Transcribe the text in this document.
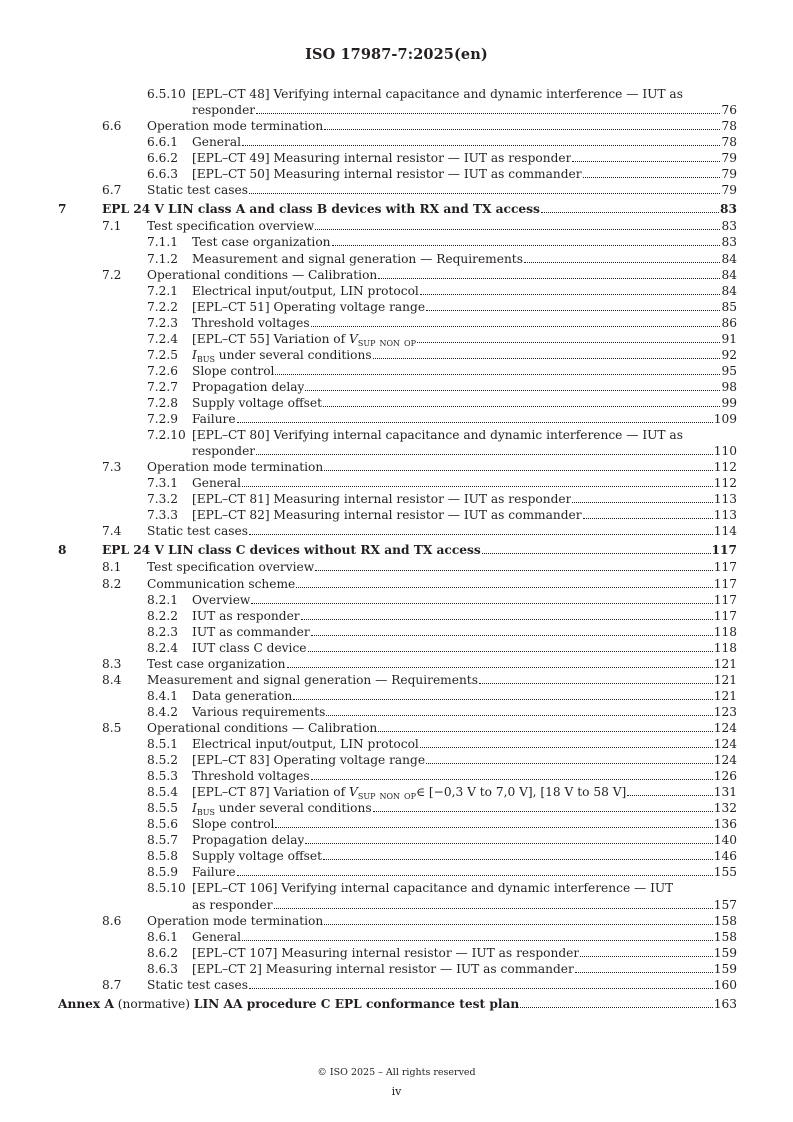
ISO 17987-7:2025(en)
6.5.10 [EPL–CT 48] Verifying internal capacitance and dynamic interference — IUT as
responder	76
6.6 Operation mode termination	78
6.6.1 General	78
6.6.2 [EPL–CT 49] Measuring internal resistor — IUT as responder	79
6.6.3 [EPL–CT 50] Measuring internal resistor — IUT as commander	79
6.7 Static test cases	79
7	EPL 24 V LIN class A and class B devices with RX and TX access	83
7.1 Test specification overview	83
7.1.1 Test case organization	83
7.1.2 Measurement and signal generation — Requirements	84
7.2 Operational conditions — Calibration	84
7.2.1 Electrical input/output, LIN protocol	84
7.2.2 [EPL–CT 51] Operating voltage range	85
7.2.3 Threshold voltages	86
7.2.4 [EPL–CT 55] Variation of $V_{SUP\_NON\_OP}$	91
7.2.5 $I_{BUS}$ under several conditions	92
7.2.6 Slope control	95
7.2.7 Propagation delay	98
7.2.8 Supply voltage offset	99
7.2.9 Failure	109
7.2.10 [EPL–CT 80] Verifying internal capacitance and dynamic interference — IUT as
responder	110
7.3 Operation mode termination	112
7.3.1 General	112
7.3.2 [EPL–CT 81] Measuring internal resistor — IUT as responder	113
7.3.3 [EPL–CT 82] Measuring internal resistor — IUT as commander	113
7.4 Static test cases	114
8	EPL 24 V LIN class C devices without RX and TX access	117
8.1 Test specification overview	117
8.2 Communication scheme	117
8.2.1 Overview	117
8.2.2 IUT as responder	117
8.2.3 IUT as commander	118
8.2.4 IUT class C device	118
8.3 Test case organization	121
8.4 Measurement and signal generation — Requirements	121
8.4.1 Data generation	121
8.4.2 Various requirements	123
8.5 Operational conditions — Calibration	124
8.5.1 Electrical input/output, LIN protocol	124
8.5.2 [EPL–CT 83] Operating voltage range	124
8.5.3 Threshold voltages	126
8.5.4 [EPL–CT 87] Variation of $V_{SUP\_NON\_OP}\in$ [−0,3 V to 7,0 V], [18 V to 58 V]	131
8.5.5 $I_{BUS}$ under several conditions	132
8.5.6 Slope control	136
8.5.7 Propagation delay	140
8.5.8 Supply voltage offset	146
8.5.9 Failure	155
8.5.10 [EPL–CT 106] Verifying internal capacitance and dynamic interference — IUT
as responder	157
8.6 Operation mode termination	158
8.6.1 General	158
8.6.2 [EPL–CT 107] Measuring internal resistor — IUT as responder	159
8.6.3 [EPL–CT 2] Measuring internal resistor — IUT as commander	159
8.7 Static test cases	160
Annex A (normative) LIN AA procedure C EPL conformance test plan	163
© ISO 2025 – All rights reserved
iv
